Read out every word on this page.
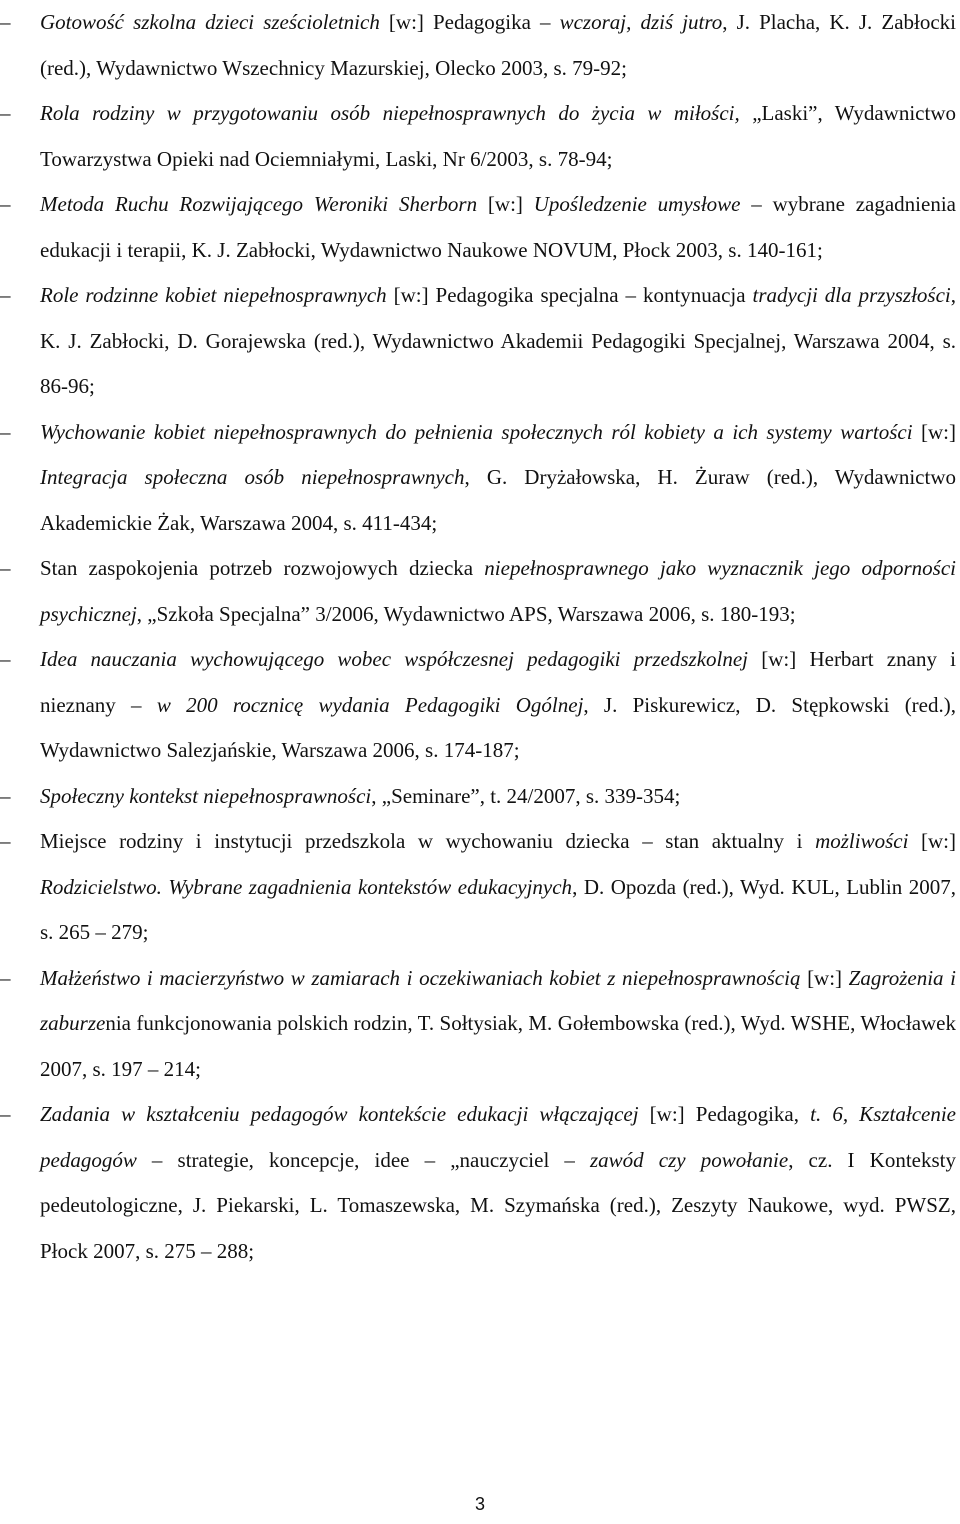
–	Gotowość szkolna dzieci sześcioletnich [w:] Pedagogika – wczoraj, dziś jutro, J. Placha, K. J. Zabłocki (red.), Wydawnictwo Wszechnicy Mazurskiej, Olecko 2003, s. 79-92;
–	Rola rodziny w przygotowaniu osób niepełnosprawnych do życia w miłości, „Laski”, Wydawnictwo Towarzystwa Opieki nad Ociemniałymi, Laski, Nr 6/2003, s. 78-94;
–	Metoda Ruchu Rozwijającego Weroniki Sherborn [w:] Upośledzenie umysłowe – wybrane zagadnienia edukacji i terapii, K. J. Zabłocki, Wydawnictwo Naukowe NOVUM, Płock 2003, s. 140-161;
–	Role rodzinne kobiet niepełnosprawnych [w:] Pedagogika specjalna – kontynuacja tradycji dla przyszłości, K. J. Zabłocki, D. Gorajewska (red.), Wydawnictwo Akademii Pedagogiki Specjalnej, Warszawa 2004, s. 86-96;
–	Wychowanie kobiet niepełnosprawnych do pełnienia społecznych ról kobiety a ich systemy wartości [w:] Integracja społeczna osób niepełnosprawnych, G. Dryżałowska, H. Żuraw (red.), Wydawnictwo Akademickie Żak, Warszawa 2004, s. 411-434;
–	Stan zaspokojenia potrzeb rozwojowych dziecka niepełnosprawnego jako wyznacznik jego odporności psychicznej, „Szkoła Specjalna” 3/2006, Wydawnictwo APS, Warszawa 2006, s. 180-193;
–	Idea nauczania wychowującego wobec współczesnej pedagogiki przedszkolnej [w:] Herbart znany i nieznany – w 200 rocznicę wydania Pedagogiki Ogólnej, J. Piskurewicz, D. Stępkowski (red.), Wydawnictwo Salezjańskie, Warszawa 2006, s. 174-187;
–	Społeczny kontekst niepełnosprawności, „Seminare”, t. 24/2007, s. 339-354;
–	Miejsce rodziny i instytucji przedszkola w wychowaniu dziecka – stan aktualny i możliwości [w:] Rodzicielstwo. Wybrane zagadnienia kontekstów edukacyjnych, D. Opozda (red.), Wyd. KUL, Lublin 2007, s. 265 – 279;
–	Małżeństwo i macierzyństwo w zamiarach i oczekiwaniach kobiet z niepełnosprawnością [w:] Zagrożenia i zaburzenia funkcjonowania polskich rodzin, T. Sołtysiak, M. Gołembowska (red.), Wyd. WSHE, Włocławek 2007, s. 197 – 214;
–	Zadania w kształceniu pedagogów kontekście edukacji włączającej [w:] Pedagogika, t. 6, Kształcenie pedagogów – strategie, koncepcje, idee – „nauczyciel – zawód czy powołanie, cz. I Konteksty pedeutologiczne, J. Piekarski, L. Tomaszewska, M. Szymańska (red.), Zeszyty Naukowe, wyd. PWSZ, Płock 2007, s. 275 – 288;
3
